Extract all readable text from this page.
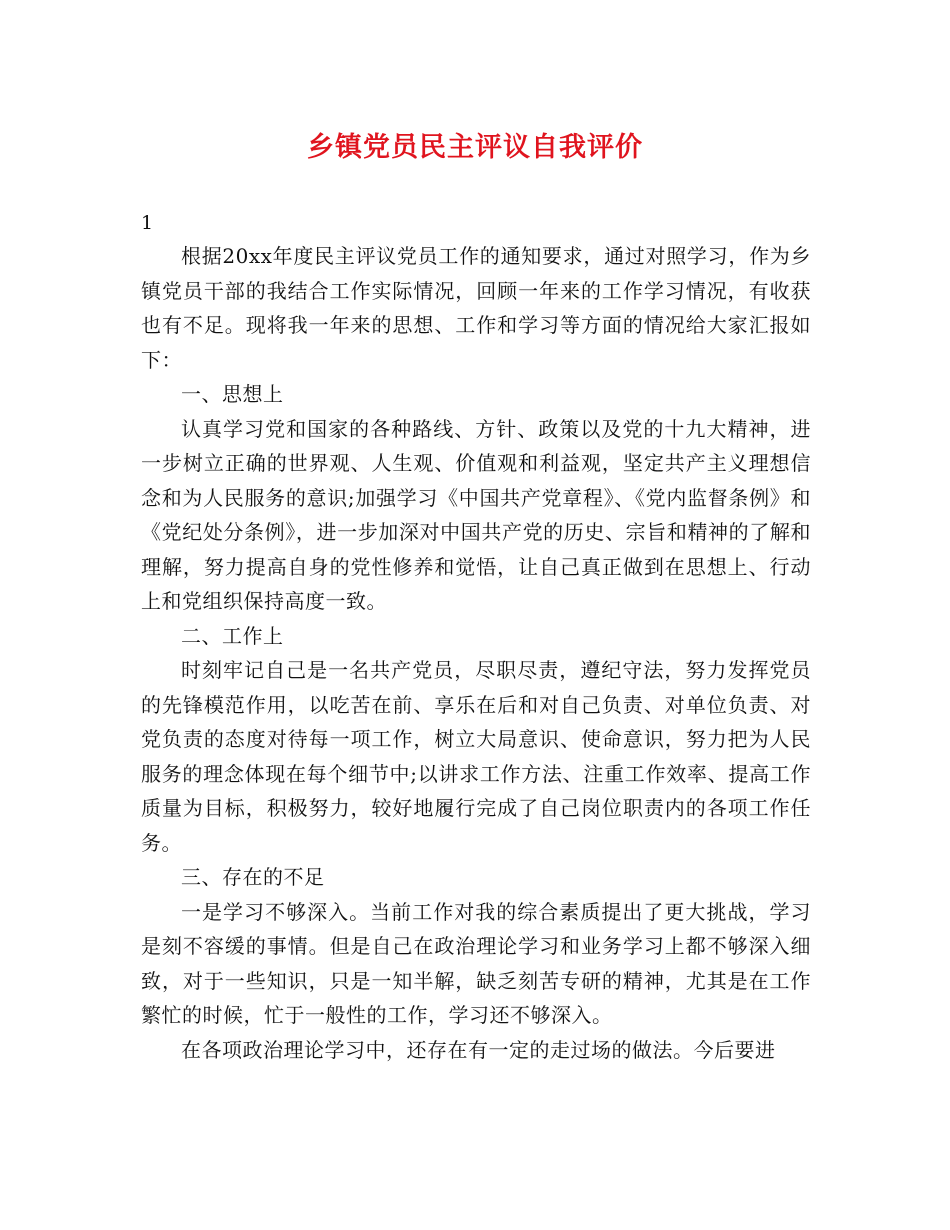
乡镇党员民主评议自我评价
1

根据20xx年度民主评议党员工作的通知要求，通过对照学习，作为乡镇党员干部的我结合工作实际情况，回顾一年来的工作学习情况，有收获也有不足。现将我一年来的思想、工作和学习等方面的情况给大家汇报如下：

一、思想上

认真学习党和国家的各种路线、方针、政策以及党的十九大精神，进一步树立正确的世界观、人生观、价值观和利益观，坚定共产主义理想信念和为人民服务的意识;加强学习《中国共产党章程》、《党内监督条例》和《党纪处分条例》，进一步加深对中国共产党的历史、宗旨和精神的了解和理解，努力提高自身的党性修养和觉悟，让自己真正做到在思想上、行动上和党组织保持高度一致。

二、工作上

时刻牢记自己是一名共产党员，尽职尽责，遵纪守法，努力发挥党员的先锋模范作用，以吃苦在前、享乐在后和对自己负责、对单位负责、对党负责的态度对待每一项工作，树立大局意识、使命意识，努力把为人民服务的理念体现在每个细节中;以讲求工作方法、注重工作效率、提高工作质量为目标，积极努力，较好地履行完成了自己岗位职责内的各项工作任务。

三、存在的不足

一是学习不够深入。当前工作对我的综合素质提出了更大挑战，学习是刻不容缓的事情。但是自己在政治理论学习和业务学习上都不够深入细致，对于一些知识，只是一知半解，缺乏刻苦专研的精神，尤其是在工作繁忙的时候，忙于一般性的工作，学习还不够深入。

在各项政治理论学习中，还存在有一定的走过场的做法。今后要进
